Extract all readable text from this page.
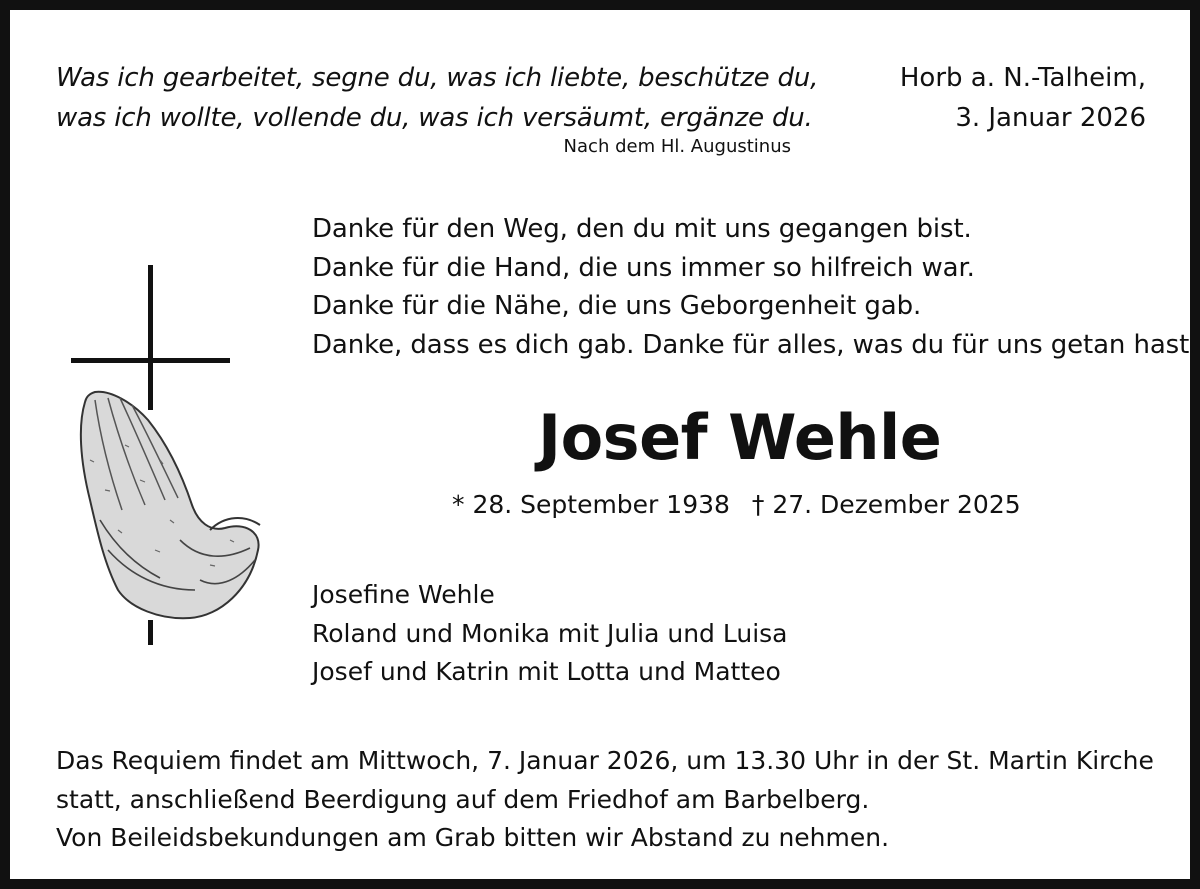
Was ich gearbeitet, segne du, was ich liebte, beschütze du,
was ich wollte, vollende du, was ich versäumt, ergänze du.
Nach dem Hl. Augustinus
Horb a. N.-Talheim,
3. Januar 2026
Danke für den Weg, den du mit uns gegangen bist.
Danke für die Hand, die uns immer so hilfreich war.
Danke für die Nähe, die uns Geborgenheit gab.
Danke, dass es dich gab. Danke für alles, was du für uns getan hast.
Josef Wehle
* 28. September 1938 † 27. Dezember 2025
Josefine Wehle
Roland und Monika mit Julia und Luisa
Josef und Katrin mit Lotta und Matteo
Das Requiem findet am Mittwoch, 7. Januar 2026, um 13.30 Uhr in der St. Martin Kirche
statt, anschließend Beerdigung auf dem Friedhof am Barbelberg.
Von Beileidsbekundungen am Grab bitten wir Abstand zu nehmen.
